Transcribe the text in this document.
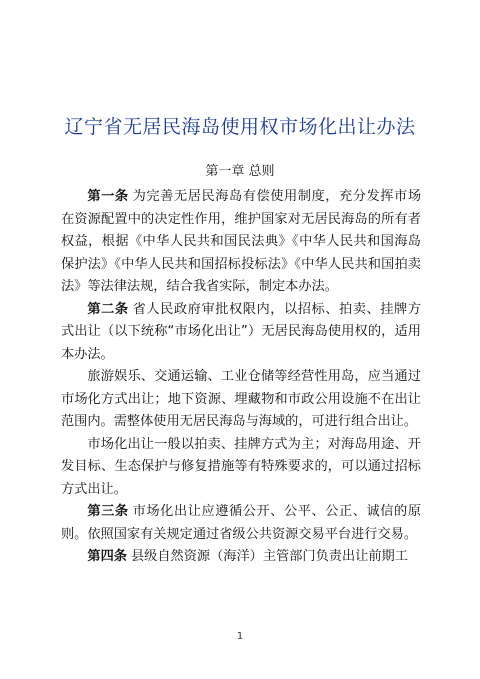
辽宁省无居民海岛使用权市场化出让办法
第一章 总则

第一条 为完善无居民海岛有偿使用制度，充分发挥市场在资源配置中的决定性作用，维护国家对无居民海岛的所有者权益，根据《中华人民共和国民法典》《中华人民共和国海岛保护法》《中华人民共和国招标投标法》《中华人民共和国拍卖法》等法律法规，结合我省实际，制定本办法。

第二条 省人民政府审批权限内，以招标、拍卖、挂牌方式出让（以下统称“市场化出让”）无居民海岛使用权的，适用本办法。

旅游娱乐、交通运输、工业仓储等经营性用岛，应当通过市场化方式出让；地下资源、埋藏物和市政公用设施不在出让范围内。需整体使用无居民海岛与海域的，可进行组合出让。

市场化出让一般以拍卖、挂牌方式为主；对海岛用途、开发目标、生态保护与修复措施等有特殊要求的，可以通过招标方式出让。

第三条 市场化出让应遵循公开、公平、公正、诚信的原则。依照国家有关规定通过省级公共资源交易平台进行交易。

第四条 县级自然资源（海洋）主管部门负责出让前期工

1
